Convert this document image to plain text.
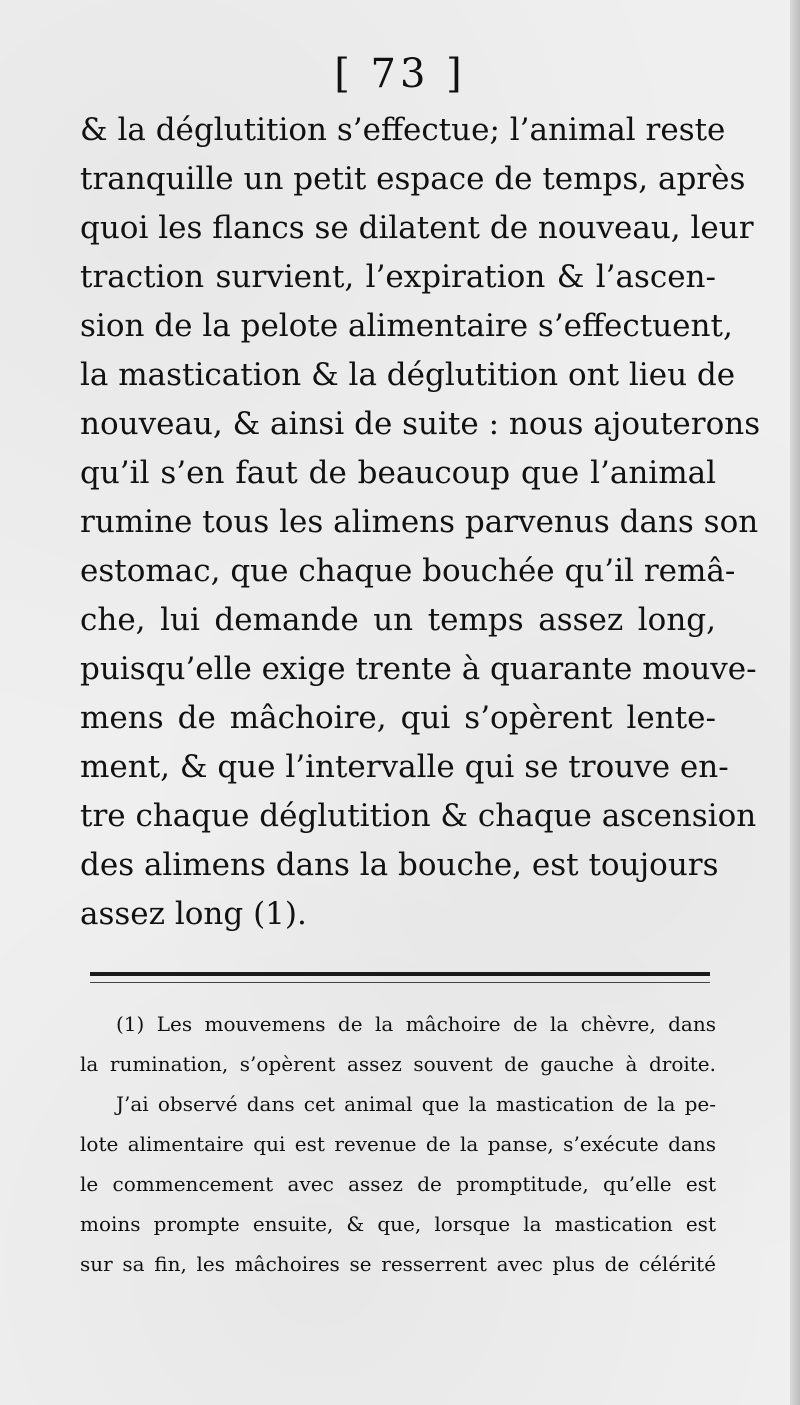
[ 73 ]
& la déglutition s’effectue; l’animal reste
tranquille un petit espace de temps, après
quoi les flancs se dilatent de nouveau, leur
traction survient, l’expiration & l’ascen-
sion de la pelote alimentaire s’effectuent,
la mastication & la déglutition ont lieu de
nouveau, & ainsi de suite : nous ajouterons
qu’il s’en faut de beaucoup que l’animal
rumine tous les alimens parvenus dans son
estomac, que chaque bouchée qu’il remâ-
che, lui demande un temps assez long,
puisqu’elle exige trente à quarante mouve-
mens de mâchoire, qui s’opèrent lente-
ment, & que l’intervalle qui se trouve en-
tre chaque déglutition & chaque ascension
des alimens dans la bouche, est toujours
assez long (1).
(1) Les mouvemens de la mâchoire de la chèvre, dans
la rumination, s’opèrent assez souvent de gauche à droite.
J’ai observé dans cet animal que la mastication de la pe-
lote alimentaire qui est revenue de la panse, s’exécute dans
le commencement avec assez de promptitude, qu’elle est
moins prompte ensuite, & que, lorsque la mastication est
sur sa fin, les mâchoires se resserrent avec plus de célérité
